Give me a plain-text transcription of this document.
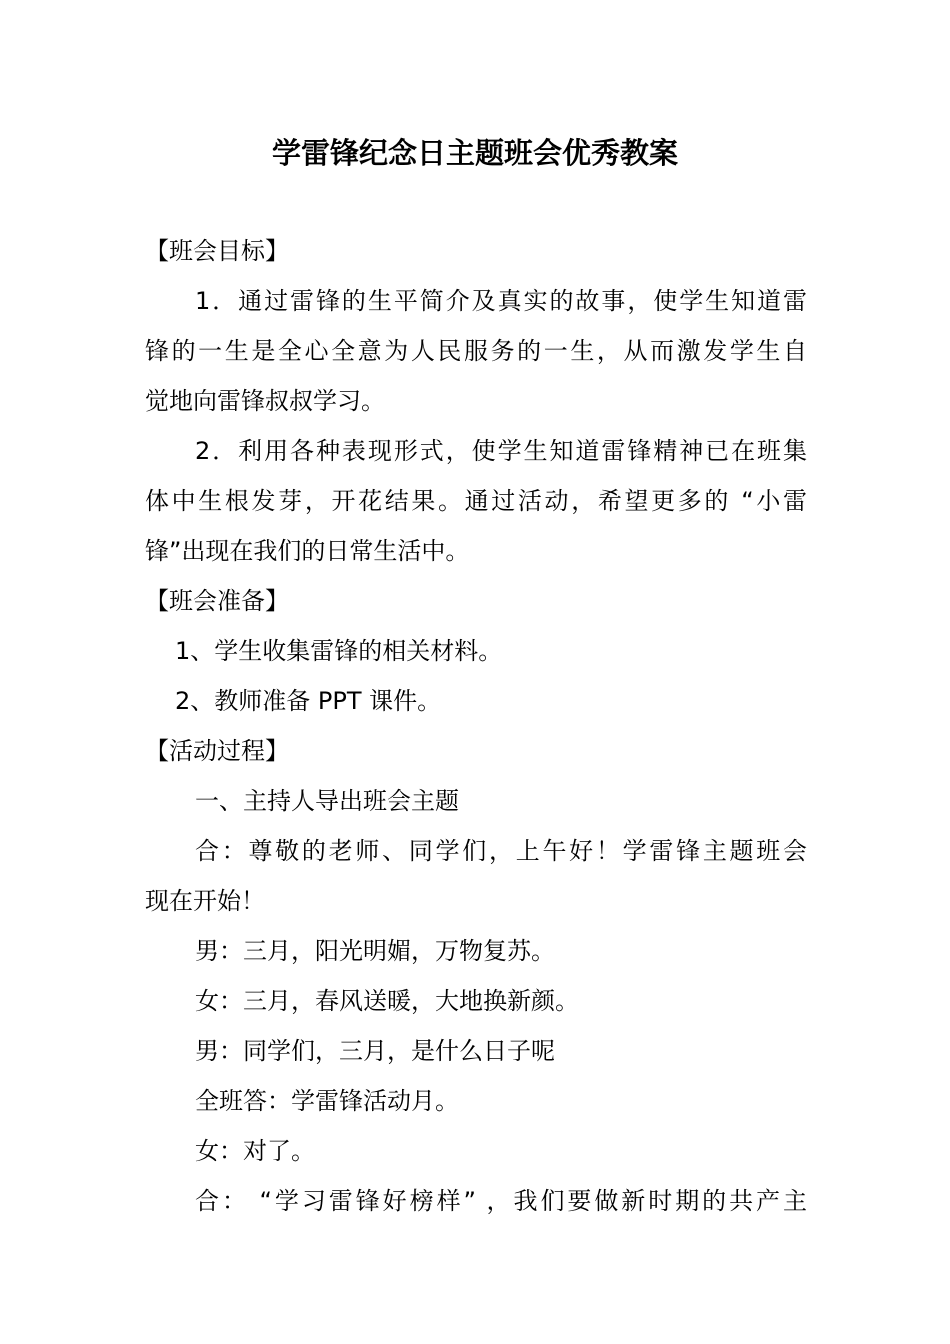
学雷锋纪念日主题班会优秀教案
【班会目标】
1．通过雷锋的生平简介及真实的故事，使学生知道雷
锋的一生是全心全意为人民服务的一生，从而激发学生自
觉地向雷锋叔叔学习。
2．利用各种表现形式，使学生知道雷锋精神已在班集
体中生根发芽，开花结果。通过活动，希望更多的 “小雷
锋”出现在我们的日常生活中。
【班会准备】
1、学生收集雷锋的相关材料。
2、教师准备 PPT 课件。
【活动过程】
一、主持人导出班会主题
合：尊敬的老师、同学们，上午好！学雷锋主题班会
现在开始！
男：三月，阳光明媚，万物复苏。
女：三月，春风送暖，大地换新颜。
男：同学们，三月，是什么日子呢
全班答：学雷锋活动月。
女：对了。
合： “学习雷锋好榜样” ，我们要做新时期的共产主
